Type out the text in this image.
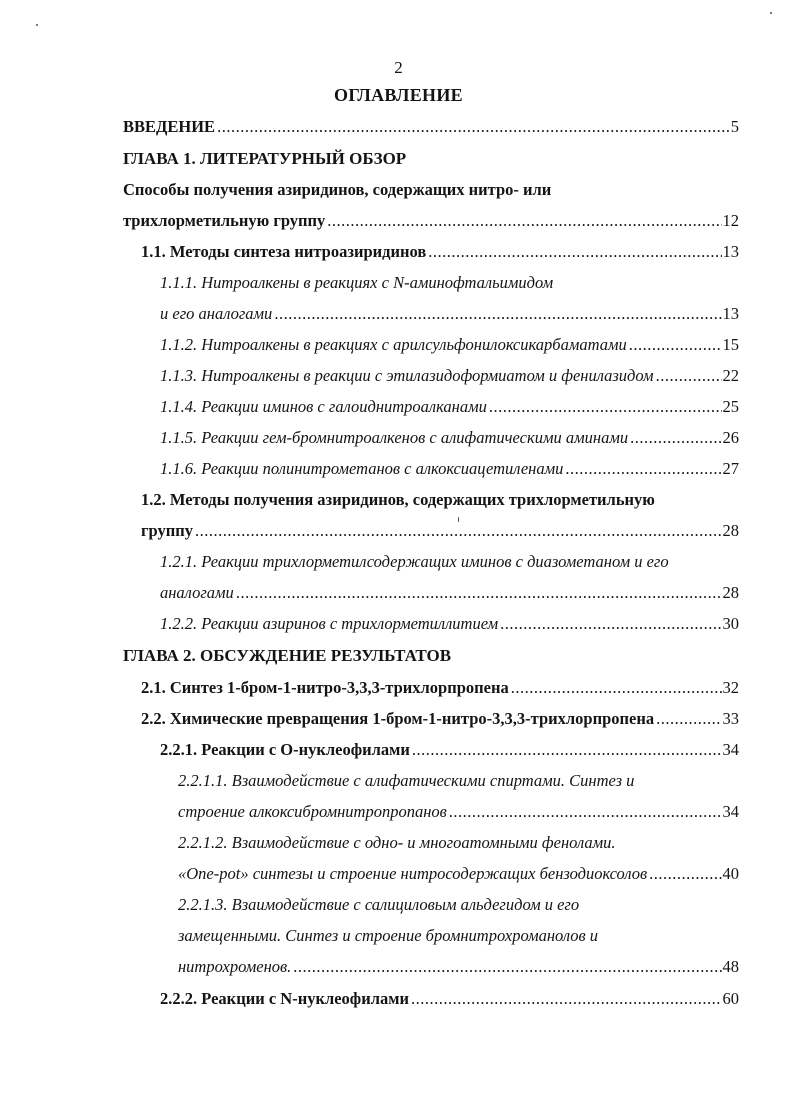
2
ОГЛАВЛЕНИЕ
ВВЕДЕНИЕ .....	5
ГЛАВА 1. ЛИТЕРАТУРНЫЙ ОБЗОР
Способы получения азиридинов, содержащих нитро- или
трихлорметильную группу .....	12
1.1. Методы синтеза нитроазиридинов .....	13
1.1.1. Нитроалкены в реакциях с N-аминофтальимидом
и его аналогами .....	13
1.1.2. Нитроалкены в реакциях с арилсульфонилоксикарбаматами .....	15
1.1.3. Нитроалкены в реакции с этилазидоформиатом и фенилазидом .....	22
1.1.4. Реакции иминов с галоиднитроалканами .....	25
1.1.5. Реакции гем-бромнитроалкенов с алифатическими аминами .....	26
1.1.6. Реакции полинитрометанов с алкоксиацетиленами .....	27
1.2. Методы получения азиридинов, содержащих трихлорметильную
группу .....	28
1.2.1. Реакции трихлорметилсодержащих иминов с диазометаном и его
аналогами .....	28
1.2.2. Реакции азиринов с трихлорметиллитием .....	30
ГЛАВА 2. ОБСУЖДЕНИЕ РЕЗУЛЬТАТОВ
2.1. Синтез 1-бром-1-нитро-3,3,3-трихлорпропена .....	32
2.2. Химические превращения 1-бром-1-нитро-3,3,3-трихлорпропена .....	33
2.2.1. Реакции с O-нуклеофилами .....	34
2.2.1.1. Взаимодействие с алифатическими спиртами. Синтез и
строение алкоксибромнитропропанов .....	34
2.2.1.2. Взаимодействие с одно- и многоатомными фенолами.
«One-pot» синтезы и строение нитросодержащих бензодиоксолов .....	40
2.2.1.3. Взаимодействие с салициловым альдегидом и его
замещенными. Синтез и строение бромнитрохроманолов и
нитрохроменов. .....	48
2.2.2. Реакции с N-нуклеофилами .....	60
